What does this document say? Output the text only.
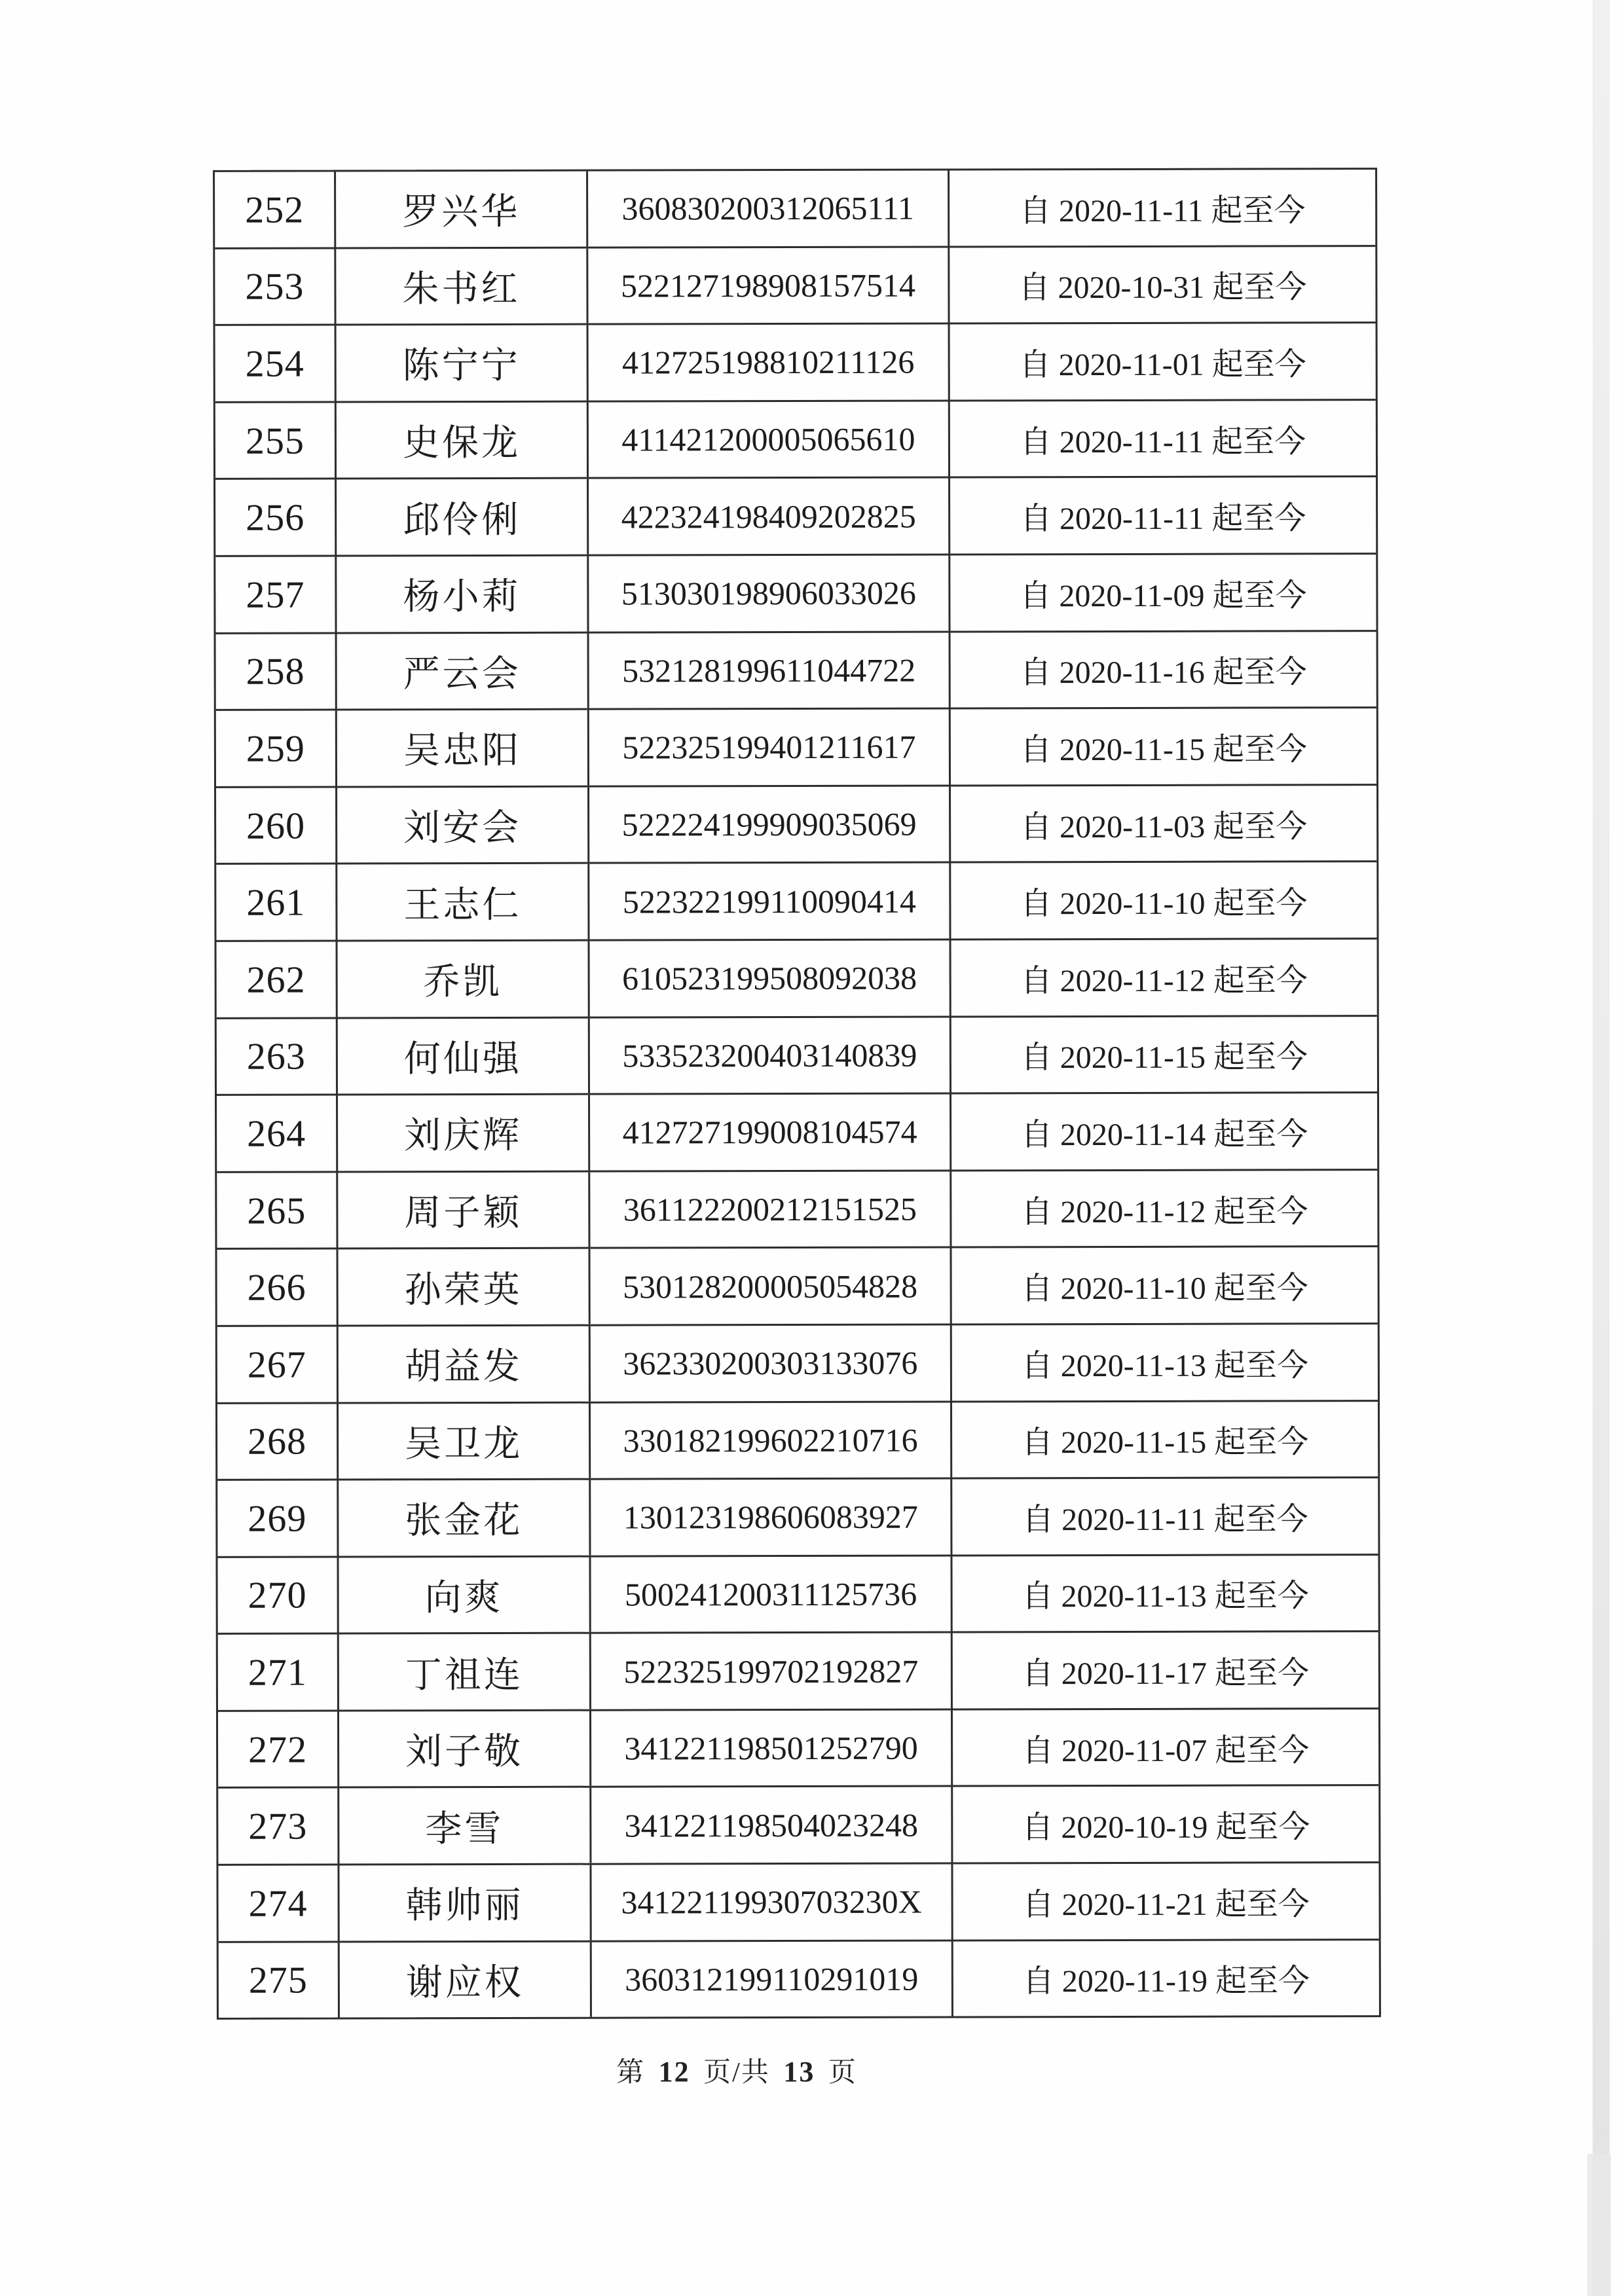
252	罗兴华	360830200312065111	自 2020-11-11 起至今
253	朱书红	522127198908157514	自 2020-10-31 起至今
254	陈宁宁	412725198810211126	自 2020-11-01 起至今
255	史保龙	411421200005065610	自 2020-11-11 起至今
256	邱伶俐	422324198409202825	自 2020-11-11 起至今
257	杨小莉	513030198906033026	自 2020-11-09 起至今
258	严云会	532128199611044722	自 2020-11-16 起至今
259	吴忠阳	522325199401211617	自 2020-11-15 起至今
260	刘安会	522224199909035069	自 2020-11-03 起至今
261	王志仁	522322199110090414	自 2020-11-10 起至今
262	乔凯	610523199508092038	自 2020-11-12 起至今
263	何仙强	533523200403140839	自 2020-11-15 起至今
264	刘庆辉	412727199008104574	自 2020-11-14 起至今
265	周子颖	361122200212151525	自 2020-11-12 起至今
266	孙荣英	530128200005054828	自 2020-11-10 起至今
267	胡益发	362330200303133076	自 2020-11-13 起至今
268	吴卫龙	330182199602210716	自 2020-11-15 起至今
269	张金花	130123198606083927	自 2020-11-11 起至今
270	向爽	500241200311125736	自 2020-11-13 起至今
271	丁祖连	522325199702192827	自 2020-11-17 起至今
272	刘子敬	341221198501252790	自 2020-11-07 起至今
273	李雪	341221198504023248	自 2020-10-19 起至今
274	韩帅丽	34122119930703230X	自 2020-11-21 起至今
275	谢应权	360312199110291019	自 2020-11-19 起至今
第 12 页/共 13 页
